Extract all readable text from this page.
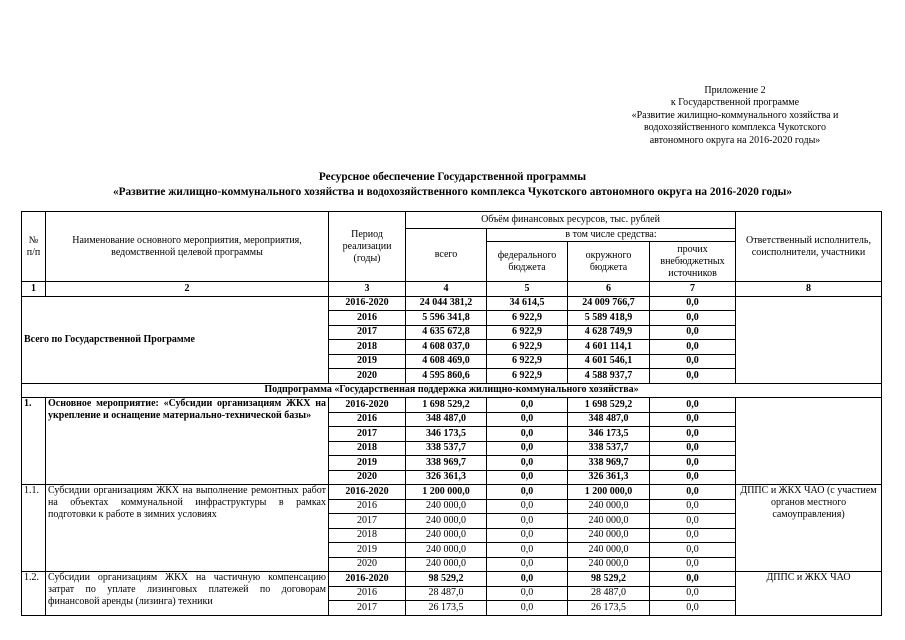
Приложение 2
к Государственной программе
«Развитие жилищно-коммунального хозяйства и
водохозяйственного комплекса Чукотского
автономного округа на 2016-2020 годы»
Ресурсное обеспечение Государственной программы
«Развитие жилищно-коммунального хозяйства и водохозяйственного комплекса Чукотского автономного округа на 2016-2020 годы»
№ п/п	Наименование основного мероприятия, мероприятия, ведомственной целевой программы	Период реализации (годы)	Объём финансовых ресурсов, тыс. рублей				Ответственный исполнитель, соисполнители, участники
			всего	в том числе средства:			
				федерального бюджета	окружного бюджета	прочих внебюджетных источников	
1	2	3	4	5	6	7	8
Всего по Государственной Программе		2016-2020	24 044 381,2	34 614,5	24 009 766,7	0,0	
		2016	5 596 341,8	6 922,9	5 589 418,9	0,0	
		2017	4 635 672,8	6 922,9	4 628 749,9	0,0	
		2018	4 608 037,0	6 922,9	4 601 114,1	0,0	
		2019	4 608 469,0	6 922,9	4 601 546,1	0,0	
		2020	4 595 860,6	6 922,9	4 588 937,7	0,0	
Подпрограмма «Государственная поддержка жилищно-коммунального хозяйства»							
1.	Основное мероприятие: «Субсидии организациям ЖКХ на укрепление и оснащение материально-технической базы»	2016-2020	1 698 529,2	0,0	1 698 529,2	0,0	
		2016	348 487,0	0,0	348 487,0	0,0	
		2017	346 173,5	0,0	346 173,5	0,0	
		2018	338 537,7	0,0	338 537,7	0,0	
		2019	338 969,7	0,0	338 969,7	0,0	
		2020	326 361,3	0,0	326 361,3	0,0	
1.1.	Субсидии организациям ЖКХ на выполнение ремонтных работ на объектах коммунальной инфраструктуры в рамках подготовки к работе в зимних условиях	2016-2020	1 200 000,0	0,0	1 200 000,0	0,0	ДППС и ЖКХ ЧАО (с участием органов местного самоуправления)
		2016	240 000,0	0,0	240 000,0	0,0	
		2017	240 000,0	0,0	240 000,0	0,0	
		2018	240 000,0	0,0	240 000,0	0,0	
		2019	240 000,0	0,0	240 000,0	0,0	
		2020	240 000,0	0,0	240 000,0	0,0	
1.2.	Субсидии организациям ЖКХ на частичную компенсацию затрат по уплате лизинговых платежей по договорам финансовой аренды (лизинга) техники	2016-2020	98 529,2	0,0	98 529,2	0,0	ДППС и ЖКХ ЧАО
		2016	28 487,0	0,0	28 487,0	0,0	
		2017	26 173,5	0,0	26 173,5	0,0	
